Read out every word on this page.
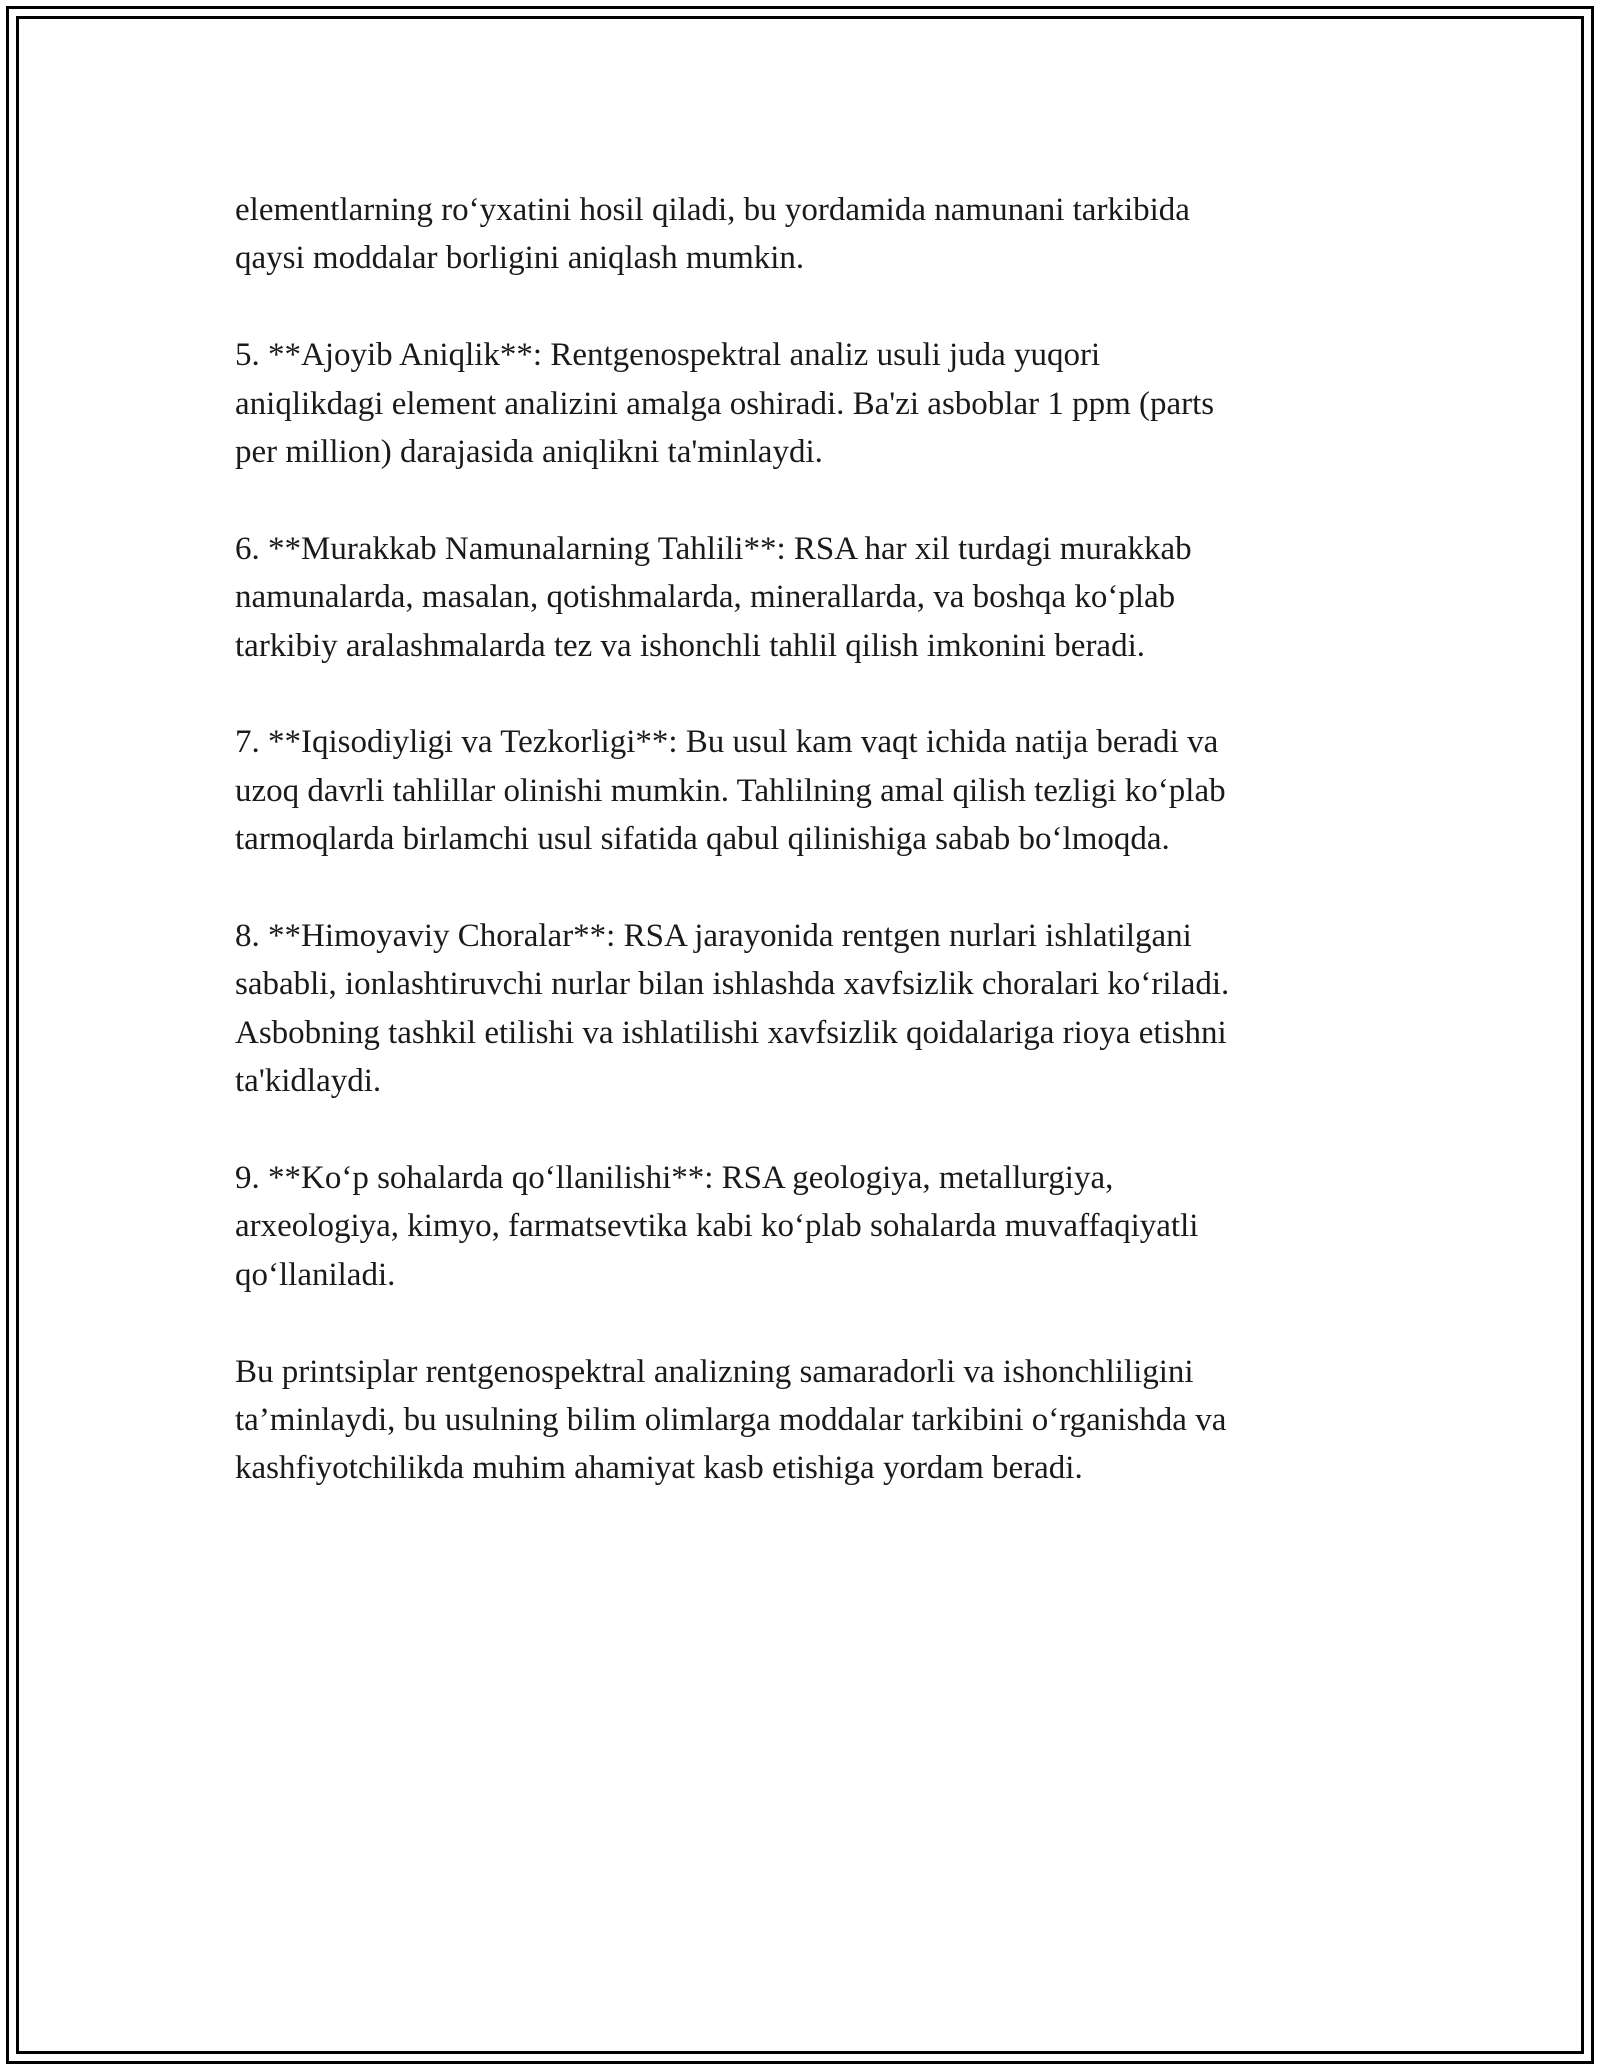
elementlarning ro‘yxatini hosil qiladi, bu yordamida namunani tarkibida
qaysi moddalar borligini aniqlash mumkin.

5. **Ajoyib Aniqlik**: Rentgenospektral analiz usuli juda yuqori
aniqlikdagi element analizini amalga oshiradi. Ba'zi asboblar 1 ppm (parts
per million) darajasida aniqlikni ta'minlaydi.

6. **Murakkab Namunalarning Tahlili**: RSA har xil turdagi murakkab
namunalarda, masalan, qotishmalarda, minerallarda, va boshqa ko‘plab
tarkibiy aralashmalarda tez va ishonchli tahlil qilish imkonini beradi.

7. **Iqisodiyligi va Tezkorligi**: Bu usul kam vaqt ichida natija beradi va
uzoq davrli tahlillar olinishi mumkin. Tahlilning amal qilish tezligi ko‘plab
tarmoqlarda birlamchi usul sifatida qabul qilinishiga sabab bo‘lmoqda.

8. **Himoyaviy Choralar**: RSA jarayonida rentgen nurlari ishlatilgani
sababli, ionlashtiruvchi nurlar bilan ishlashda xavfsizlik choralari ko‘riladi.
Asbobning tashkil etilishi va ishlatilishi xavfsizlik qoidalariga rioya etishni
ta'kidlaydi.

9. **Ko‘p sohalarda qo‘llanilishi**: RSA geologiya, metallurgiya,
arxeologiya, kimyo, farmatsevtika kabi ko‘plab sohalarda muvaffaqiyatli
qo‘llaniladi.

Bu printsiplar rentgenospektral analizning samaradorli va ishonchliligini
ta’minlaydi, bu usulning bilim olimlarga moddalar tarkibini o‘rganishda va
kashfiyotchilikda muhim ahamiyat kasb etishiga yordam beradi.
